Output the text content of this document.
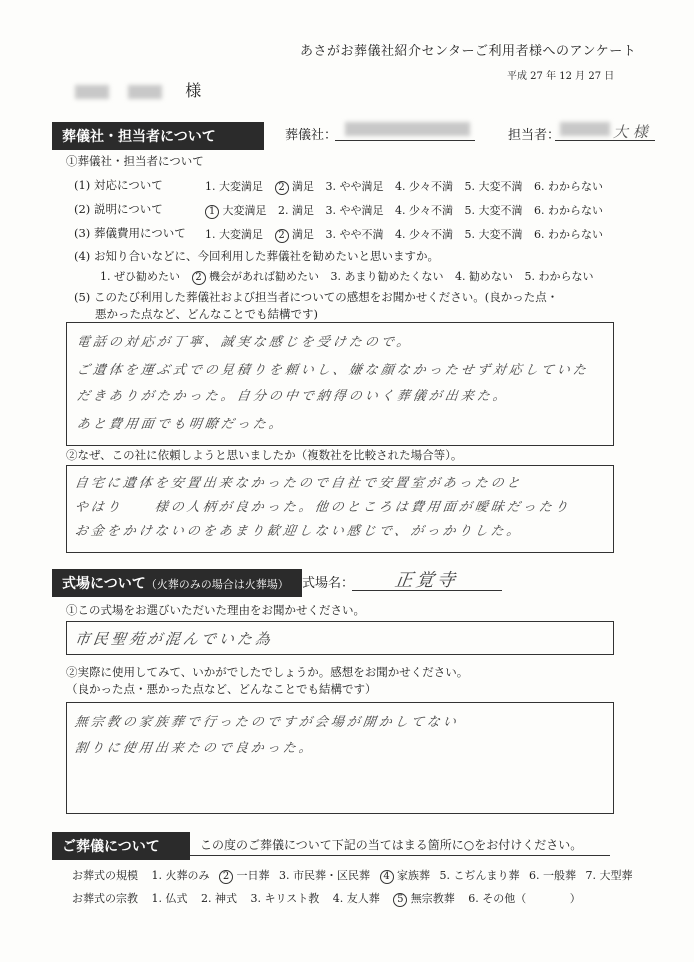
あさがお葬儀社紹介センターご利用者様へのアンケート
平成 27 年 12 月 27 日
様
葬儀社・担当者について	葬儀社：	担当者：	大 様
①葬儀社・担当者について
(1) 対応について	1. 大変満足 2 満足 3. やや満足 4. 少々不満 5. 大変不満 6. わからない
(2) 説明について	1 大変満足 2. 満足 3. やや満足 4. 少々不満 5. 大変不満 6. わからない
(3) 葬儀費用について 1. 大変満足 2 満足 3. やや不満 4. 少々不満 5. 大変不満 6. わからない
(4) お知り合いなどに、今回利用した葬儀社を勧めたいと思いますか。
1. ぜひ勧めたい 2 機会があれば勧めたい 3. あまり勧めたくない 4. 勧めない 5. わからない
(5) このたび利用した葬儀社および担当者についての感想をお聞かせください。(良かった点・
悪かった点など、どんなことでも結構です)
電話の対応が丁寧、誠実な感じを受けたので。
ご遺体を運ぶ式での見積りを頼いし、嫌な顔なかったせず対応していた
だきありがたかった。自分の中で納得のいく葬儀が出来た。
あと費用面でも明瞭だった。
②なぜ、この社に依頼しようと思いましたか（複数社を比較された場合等）。
自宅に遺体を安置出来なかったので自社で安置室があったのと
やはり　　様の人柄が良かった。他のところは費用面が曖昧だったり
お金をかけないのをあまり歓迎しない感じで、がっかりした。
式場について（火葬のみの場合は火葬場）	式場名： 正覚寺
①この式場をお選びいただいた理由をお聞かせください。
市民聖苑が混んでいた為
②実際に使用してみて、いかがでしたでしょうか。感想をお聞かせください。
（良かった点・悪かった点など、どんなことでも結構です）
無宗教の家族葬で行ったのですが会場が開かしてない
割りに使用出来たので良かった。
ご葬儀について	この度のご葬儀について下記の当てはまる箇所に○をお付けください。
お葬式の規模 1. 火葬のみ 2 一日葬 3. 市民葬・区民葬 4 家族葬 5. こぢんまり葬 6. 一般葬 7. 大型葬
お葬式の宗教 1. 仏式 2. 神式 3. キリスト教 4. 友人葬 5 無宗教葬 6. その他（	）
